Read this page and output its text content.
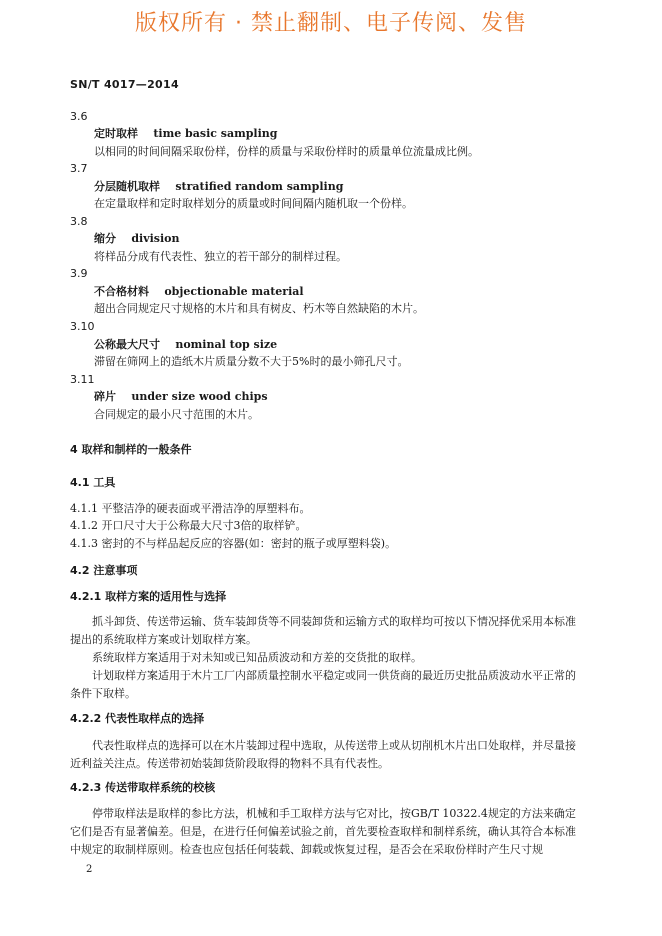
版权所有 · 禁止翻制、电子传阅、发售
SN/T 4017—2014
3.6
定时取样 time basic sampling
以相同的时间间隔采取份样，份样的质量与采取份样时的质量单位流量成比例。
3.7
分层随机取样 stratified random sampling
在定量取样和定时取样划分的质量或时间间隔内随机取一个份样。
3.8
缩分 division
将样品分成有代表性、独立的若干部分的制样过程。
3.9
不合格材料 objectionable material
超出合同规定尺寸规格的木片和具有树皮、朽木等自然缺陷的木片。
3.10
公称最大尺寸 nominal top size
滞留在筛网上的造纸木片质量分数不大于5%时的最小筛孔尺寸。
3.11
碎片 under size wood chips
合同规定的最小尺寸范围的木片。
4 取样和制样的一般条件
4.1 工具
4.1.1 平整洁净的硬表面或平滑洁净的厚塑料布。
4.1.2 开口尺寸大于公称最大尺寸3倍的取样铲。
4.1.3 密封的不与样品起反应的容器(如：密封的瓶子或厚塑料袋)。
4.2 注意事项
4.2.1 取样方案的适用性与选择

抓斗卸货、传送带运输、货车装卸货等不同装卸货和运输方式的取样均可按以下情况择优采用本标准提出的系统取样方案或计划取样方案。

系统取样方案适用于对未知或已知品质波动和方差的交货批的取样。

计划取样方案适用于木片工厂内部质量控制水平稳定或同一供货商的最近历史批品质波动水平正常的条件下取样。

4.2.2 代表性取样点的选择

代表性取样点的选择可以在木片装卸过程中选取，从传送带上或从切削机木片出口处取样，并尽量接近利益关注点。传送带初始装卸货阶段取得的物料不具有代表性。

4.2.3 传送带取样系统的校核

停带取样法是取样的参比方法，机械和手工取样方法与它对比，按GB/T 10322.4规定的方法来确定它们是否有显著偏差。但是，在进行任何偏差试验之前，首先要检查取样和制样系统，确认其符合本标准中规定的取制样原则。检查也应包括任何装载、卸载或恢复过程，是否会在采取份样时产生尺寸规

2
